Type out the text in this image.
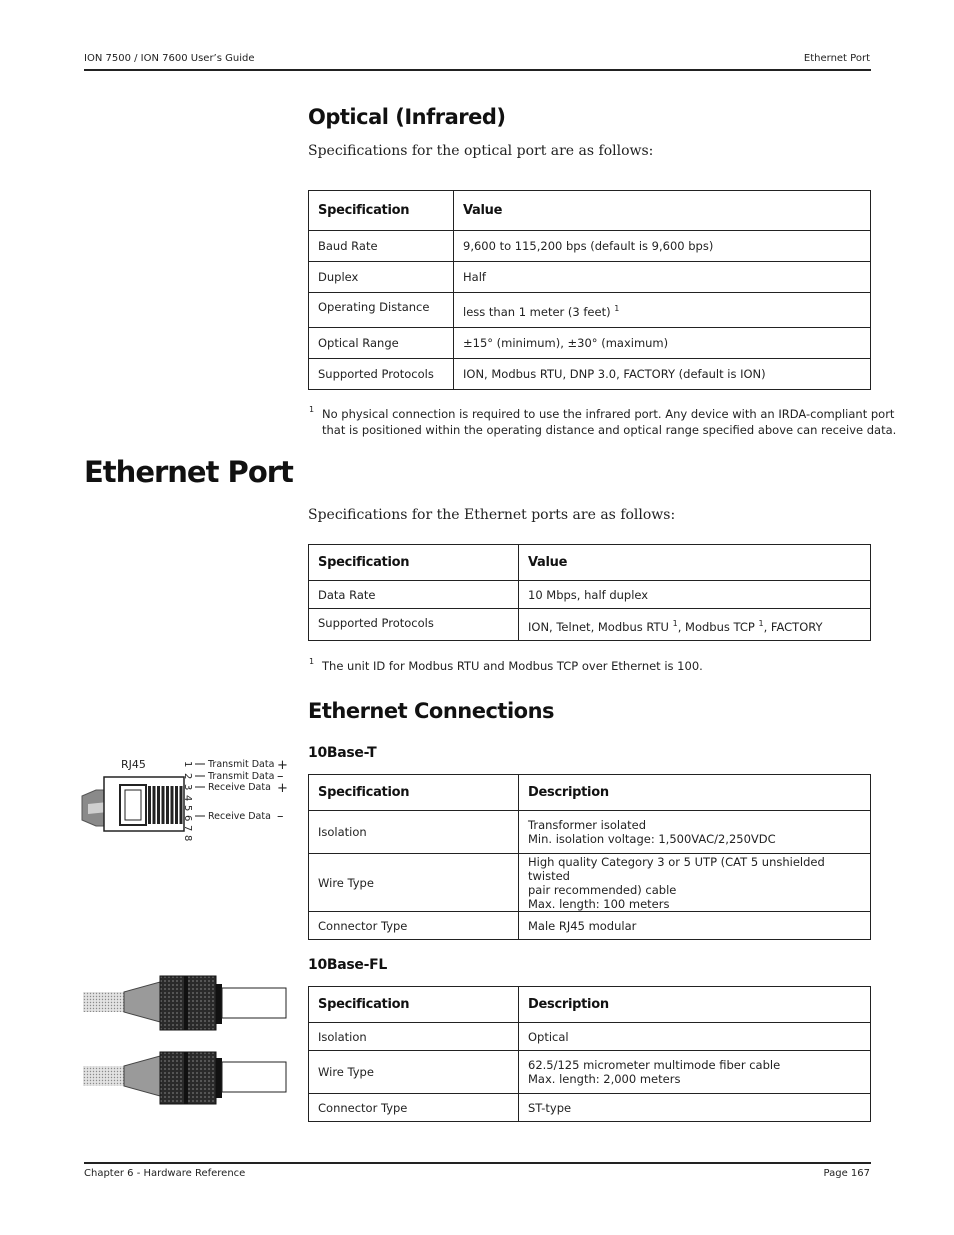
ION 7500 / ION 7600 User’s Guide	Ethernet Port
Optical (Infrared)
Specifications for the optical port are as follows:
Specification	Value
Baud Rate	9,600 to 115,200 bps (default is 9,600 bps)
Duplex	Half
Operating Distance	less than 1 meter (3 feet) $^1$
Optical Range	±15° (minimum), ±30° (maximum)
Supported Protocols	ION, Modbus RTU, DNP 3.0, FACTORY (default is ION)
1 No physical connection is required to use the infrared port. Any device with an IRDA-compliant port
that is positioned within the operating distance and optical range specified above can receive data.
Ethernet Port
Specifications for the Ethernet ports are as follows:
Specification	Value
Data Rate	10 Mbps, half duplex
Supported Protocols	ION, Telnet, Modbus RTU $^1$, Modbus TCP $^1$, FACTORY
1 The unit ID for Modbus RTU and Modbus TCP over Ethernet is 100.
Ethernet Connections
10Base-T
RJ45	1
2
3
4
5
6
7
8
Transmit Data
Transmit Data
Receive Data
Receive Data
+
–
+
–
Specification	Description
Isolation	Transformer isolated
Min. isolation voltage: 1,500VAC/2,250VDC
Wire Type	High quality Category 3 or 5 UTP (CAT 5 unshielded twisted
pair recommended) cable
Max. length: 100 meters
Connector Type	Male RJ45 modular
10Base-FL
Specification	Description
Isolation	Optical
Wire Type	62.5/125 micrometer multimode fiber cable
Max. length: 2,000 meters
Connector Type	ST-type
Chapter 6 - Hardware Reference	Page 167
